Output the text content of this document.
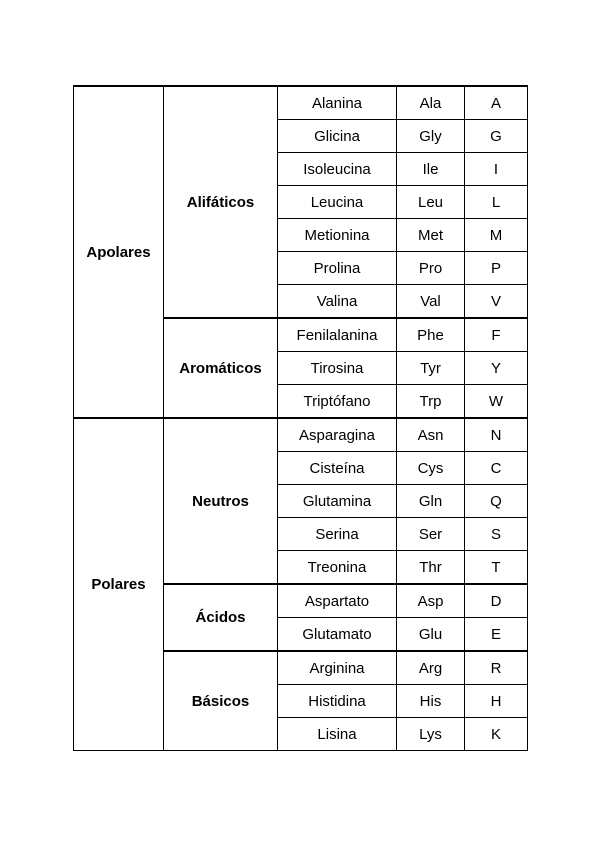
Apolares	Alifáticos	Alanina	Ala	A
		Glicina	Gly	G
		Isoleucina	Ile	I
		Leucina	Leu	L
		Metionina	Met	M
		Prolina	Pro	P
		Valina	Val	V
	Aromáticos	Fenilalanina	Phe	F
		Tirosina	Tyr	Y
		Triptófano	Trp	W
Polares	Neutros	Asparagina	Asn	N
		Cisteína	Cys	C
		Glutamina	Gln	Q
		Serina	Ser	S
		Treonina	Thr	T
	Ácidos	Aspartato	Asp	D
		Glutamato	Glu	E
	Básicos	Arginina	Arg	R
		Histidina	His	H
		Lisina	Lys	K
